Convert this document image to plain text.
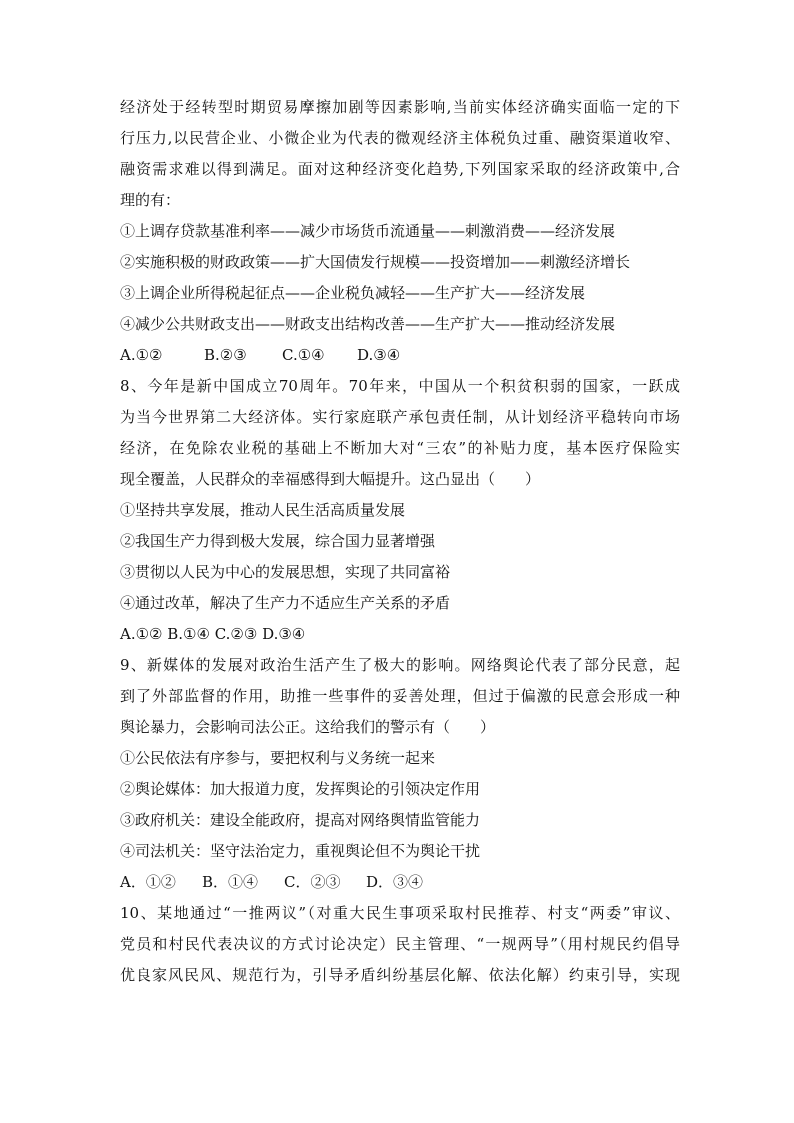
经济处于经转型时期贸易摩擦加剧等因素影响,当前实体经济确实面临一定的下
行压力,以民营企业、小微企业为代表的微观经济主体税负过重、融资渠道收窄、
融资需求难以得到满足。面对这种经济变化趋势,下列国家采取的经济政策中,合
理的有：
①上调存贷款基准利率——减少市场货币流通量——刺激消费——经济发展
②实施积极的财政政策——扩大国债发行规模——投资增加——刺激经济增长
③上调企业所得税起征点——企业税负减轻——生产扩大——经济发展
④减少公共财政支出——财政支出结构改善——生产扩大——推动经济发展
A.①②	B.②③ C.①④ D.③④
8、今年是新中国成立70周年。70年来，中国从一个积贫积弱的国家，一跃成
为当今世界第二大经济体。实行家庭联产承包责任制，从计划经济平稳转向市场
经济，在免除农业税的基础上不断加大对“三农”的补贴力度，基本医疗保险实
现全覆盖，人民群众的幸福感得到大幅提升。这凸显出（　　）
①坚持共享发展，推动人民生活高质量发展
②我国生产力得到极大发展，综合国力显著增强
③贯彻以人民为中心的发展思想，实现了共同富裕
④通过改革，解决了生产力不适应生产关系的矛盾
A.①② B.①④ C.②③ D.③④
9、新媒体的发展对政治生活产生了极大的影响。网络舆论代表了部分民意，起
到了外部监督的作用，助推一些事件的妥善处理，但过于偏激的民意会形成一种
舆论暴力，会影响司法公正。这给我们的警示有（　　）
①公民依法有序参与，要把权利与义务统一起来
②舆论媒体：加大报道力度，发挥舆论的引领决定作用
③政府机关：建设全能政府，提高对网络舆情监管能力
④司法机关：坚守法治定力，重视舆论但不为舆论干扰
A．①② B．①④ C．②③ D．③④
10、某地通过“一推两议”（对重大民生事项采取村民推荐、村支“两委”审议、
党员和村民代表决议的方式讨论决定）民主管理、“一规两导”（用村规民约倡导
优良家风民风、规范行为，引导矛盾纠纷基层化解、依法化解）约束引导，实现
